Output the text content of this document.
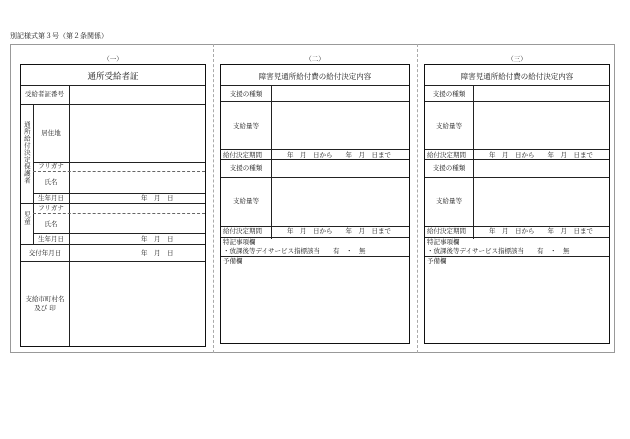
別記様式第３号（第２条関係）
（一）
通所受給者証
受給者証番号
通所給付決定保護者	居住地
フリガナ
氏名
生年月日	年　月　日
児童
フリガナ
氏名
生年月日	年　月　日
交付年月日	年　月　日
支給市町村名
及び 印
（二）
障害児通所給付費の給付決定内容
支援の種類
支給量等
給付決定期間	年　月　日から　　年　月　日まで
支援の種類
支給量等
給付決定期間	年　月　日から　　年　月　日まで
特記事項欄
・放課後等デイサービス指標該当　　有　・　無
予備欄
（三）
障害児通所給付費の給付決定内容
支援の種類
支給量等
給付決定期間	年　月　日から　　年　月　日まで
支援の種類
支給量等
給付決定期間	年　月　日から　　年　月　日まで
特記事項欄
・放課後等デイサービス指標該当　　有　・　無
予備欄
